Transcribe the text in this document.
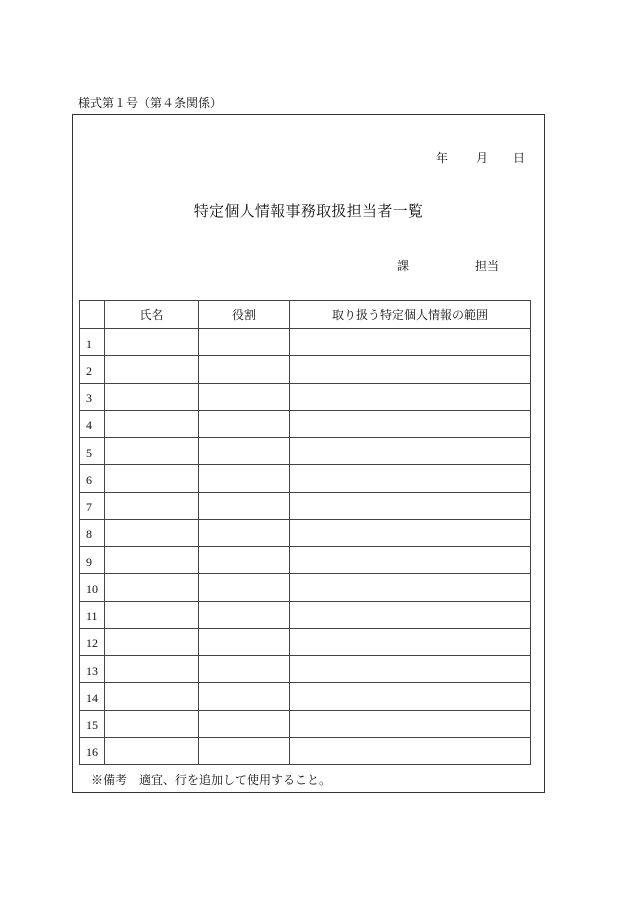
様式第１号（第４条関係）
年 月 日
特定個人情報事務取扱担当者一覧
課	担当
	氏名	役割	取り扱う特定個人情報の範囲
1			
2			
3			
4			
5			
6			
7			
8			
9			
10			
11			
12			
13			
14			
15			
16			
※備考　適宜、行を追加して使用すること。
